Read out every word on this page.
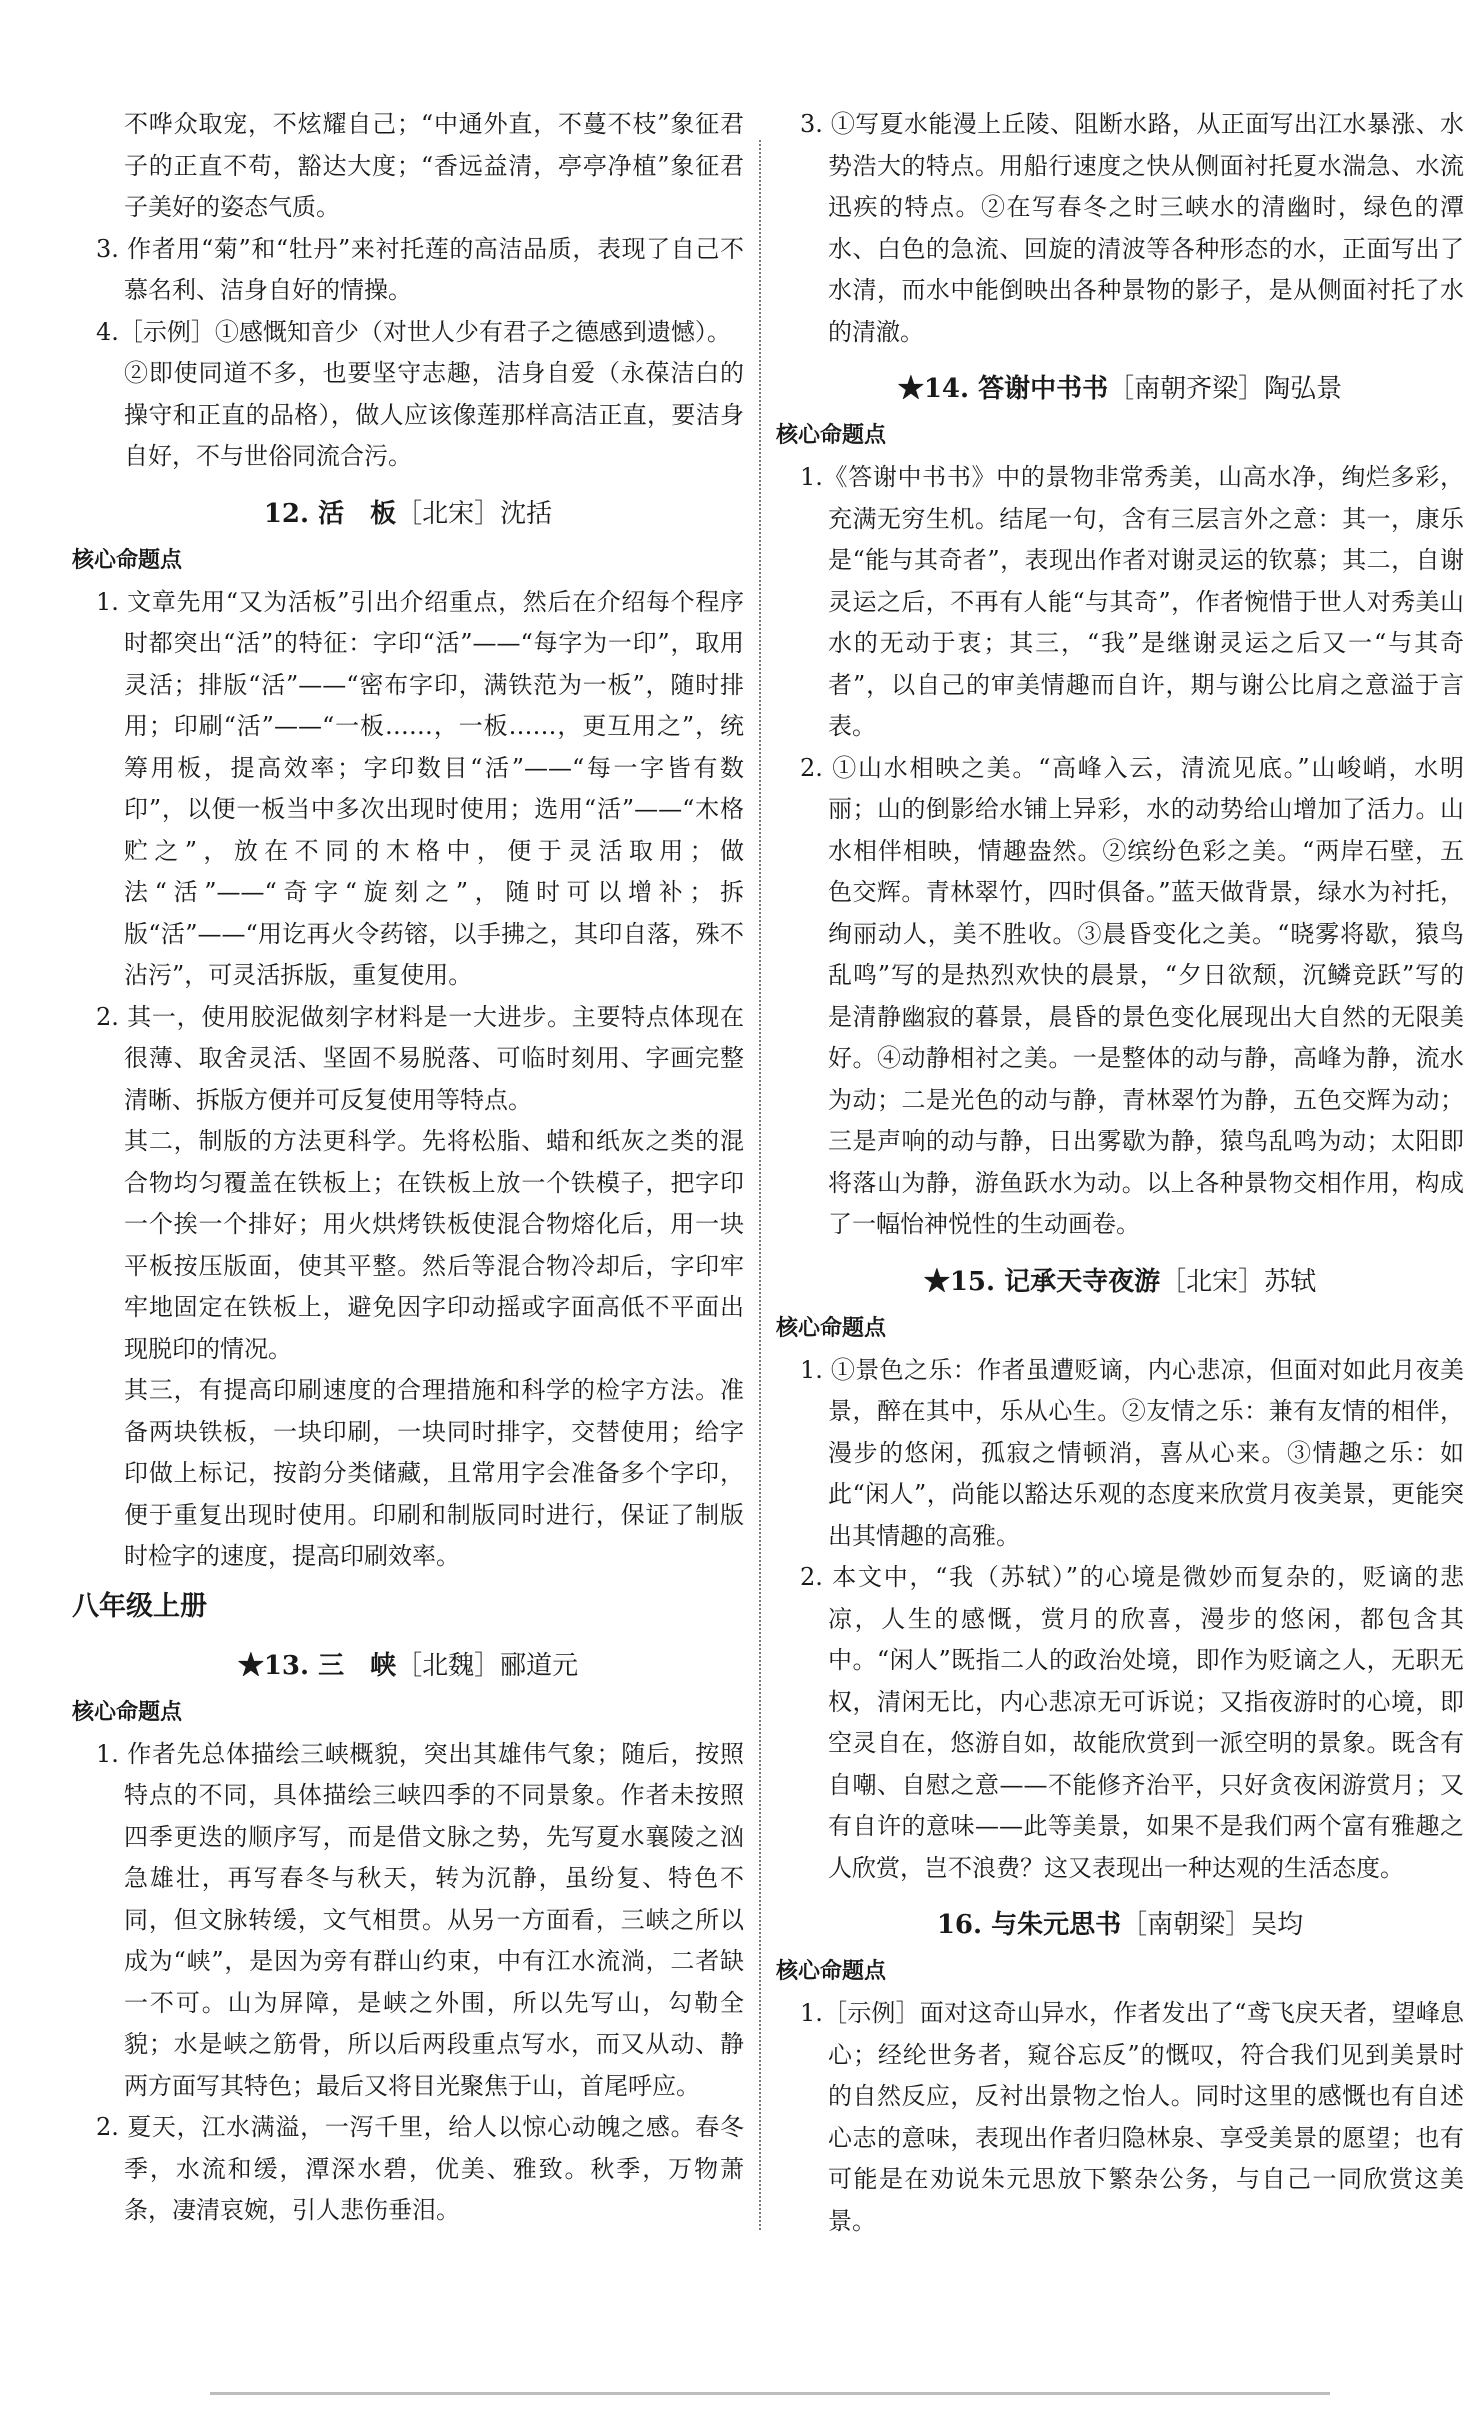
不哗众取宠，不炫耀自己；“中通外直，不蔓不枝”象征君子的正直不苟，豁达大度；“香远益清，亭亭净植”象征君子美好的姿态气质。

3. 作者用“菊”和“牡丹”来衬托莲的高洁品质，表现了自己不慕名利、洁身自好的情操。

4.［示例］①感慨知音少（对世人少有君子之德感到遗憾）。

②即使同道不多，也要坚守志趣，洁身自爱（永葆洁白的操守和正直的品格），做人应该像莲那样高洁正直，要洁身自好，不与世俗同流合污。

12. 活　板［北宋］沈括

核心命题点

1. 文章先用“又为活板”引出介绍重点，然后在介绍每个程序时都突出“活”的特征：字印“活”——“每字为一印”，取用灵活；排版“活”——“密布字印，满铁范为一板”，随时排用；印刷“活”——“一板……，一板……，更互用之”，统筹用板，提高效率；字印数目“活”——“每一字皆有数印”，以便一板当中多次出现时使用；选用“活”——“木格贮之”，放在不同的木格中，便于灵活取用；做法“活”——“奇字“旋刻之”，随时可以增补；拆版“活”——“用讫再火令药镕，以手拂之，其印自落，殊不沾污”，可灵活拆版，重复使用。

2. 其一，使用胶泥做刻字材料是一大进步。主要特点体现在很薄、取舍灵活、坚固不易脱落、可临时刻用、字画完整清晰、拆版方便并可反复使用等特点。

其二，制版的方法更科学。先将松脂、蜡和纸灰之类的混合物均匀覆盖在铁板上；在铁板上放一个铁模子，把字印一个挨一个排好；用火烘烤铁板使混合物熔化后，用一块平板按压版面，使其平整。然后等混合物冷却后，字印牢牢地固定在铁板上，避免因字印动摇或字面高低不平面出现脱印的情况。

其三，有提高印刷速度的合理措施和科学的检字方法。准备两块铁板，一块印刷，一块同时排字，交替使用；给字印做上标记，按韵分类储藏，且常用字会准备多个字印，便于重复出现时使用。印刷和制版同时进行，保证了制版时检字的速度，提高印刷效率。

八年级上册

★13. 三　峡［北魏］郦道元

核心命题点

1. 作者先总体描绘三峡概貌，突出其雄伟气象；随后，按照特点的不同，具体描绘三峡四季的不同景象。作者未按照四季更迭的顺序写，而是借文脉之势，先写夏水襄陵之汹急雄壮，再写春冬与秋天，转为沉静，虽纷复、特色不同，但文脉转缓，文气相贯。从另一方面看，三峡之所以成为“峡”，是因为旁有群山约束，中有江水流淌，二者缺一不可。山为屏障，是峡之外围，所以先写山，勾勒全貌；水是峡之筋骨，所以后两段重点写水，而又从动、静两方面写其特色；最后又将目光聚焦于山，首尾呼应。

2. 夏天，江水满溢，一泻千里，给人以惊心动魄之感。春冬季，水流和缓，潭深水碧，优美、雅致。秋季，万物萧条，凄清哀婉，引人悲伤垂泪。

3. ①写夏水能漫上丘陵、阻断水路，从正面写出江水暴涨、水势浩大的特点。用船行速度之快从侧面衬托夏水湍急、水流迅疾的特点。②在写春冬之时三峡水的清幽时，绿色的潭水、白色的急流、回旋的清波等各种形态的水，正面写出了水清，而水中能倒映出各种景物的影子，是从侧面衬托了水的清澈。

★14. 答谢中书书［南朝齐梁］陶弘景

核心命题点

1.《答谢中书书》中的景物非常秀美，山高水净，绚烂多彩，充满无穷生机。结尾一句，含有三层言外之意：其一，康乐是“能与其奇者”，表现出作者对谢灵运的钦慕；其二，自谢灵运之后，不再有人能“与其奇”，作者惋惜于世人对秀美山水的无动于衷；其三，“我”是继谢灵运之后又一“与其奇者”，以自己的审美情趣而自许，期与谢公比肩之意溢于言表。

2. ①山水相映之美。“高峰入云，清流见底。”山峻峭，水明丽；山的倒影给水铺上异彩，水的动势给山增加了活力。山水相伴相映，情趣盎然。②缤纷色彩之美。“两岸石壁，五色交辉。青林翠竹，四时俱备。”蓝天做背景，绿水为衬托，绚丽动人，美不胜收。③晨昏变化之美。“晓雾将歇，猿鸟乱鸣”写的是热烈欢快的晨景，“夕日欲颓，沉鳞竞跃”写的是清静幽寂的暮景，晨昏的景色变化展现出大自然的无限美好。④动静相衬之美。一是整体的动与静，高峰为静，流水为动；二是光色的动与静，青林翠竹为静，五色交辉为动；三是声响的动与静，日出雾歇为静，猿鸟乱鸣为动；太阳即将落山为静，游鱼跃水为动。以上各种景物交相作用，构成了一幅怡神悦性的生动画卷。

★15. 记承天寺夜游［北宋］苏轼

核心命题点

1. ①景色之乐：作者虽遭贬谪，内心悲凉，但面对如此月夜美景，醉在其中，乐从心生。②友情之乐：兼有友情的相伴，漫步的悠闲，孤寂之情顿消，喜从心来。③情趣之乐：如此“闲人”，尚能以豁达乐观的态度来欣赏月夜美景，更能突出其情趣的高雅。

2. 本文中，“我（苏轼）”的心境是微妙而复杂的，贬谪的悲凉，人生的感慨，赏月的欣喜，漫步的悠闲，都包含其中。“闲人”既指二人的政治处境，即作为贬谪之人，无职无权，清闲无比，内心悲凉无可诉说；又指夜游时的心境，即空灵自在，悠游自如，故能欣赏到一派空明的景象。既含有自嘲、自慰之意——不能修齐治平，只好贪夜闲游赏月；又有自许的意味——此等美景，如果不是我们两个富有雅趣之人欣赏，岂不浪费？这又表现出一种达观的生活态度。

16. 与朱元思书［南朝梁］吴均

核心命题点

1.［示例］面对这奇山异水，作者发出了“鸢飞戾天者，望峰息心；经纶世务者，窥谷忘反”的慨叹，符合我们见到美景时的自然反应，反衬出景物之怡人。同时这里的感慨也有自述心志的意味，表现出作者归隐林泉、享受美景的愿望；也有可能是在劝说朱元思放下繁杂公务，与自己一同欣赏这美景。
